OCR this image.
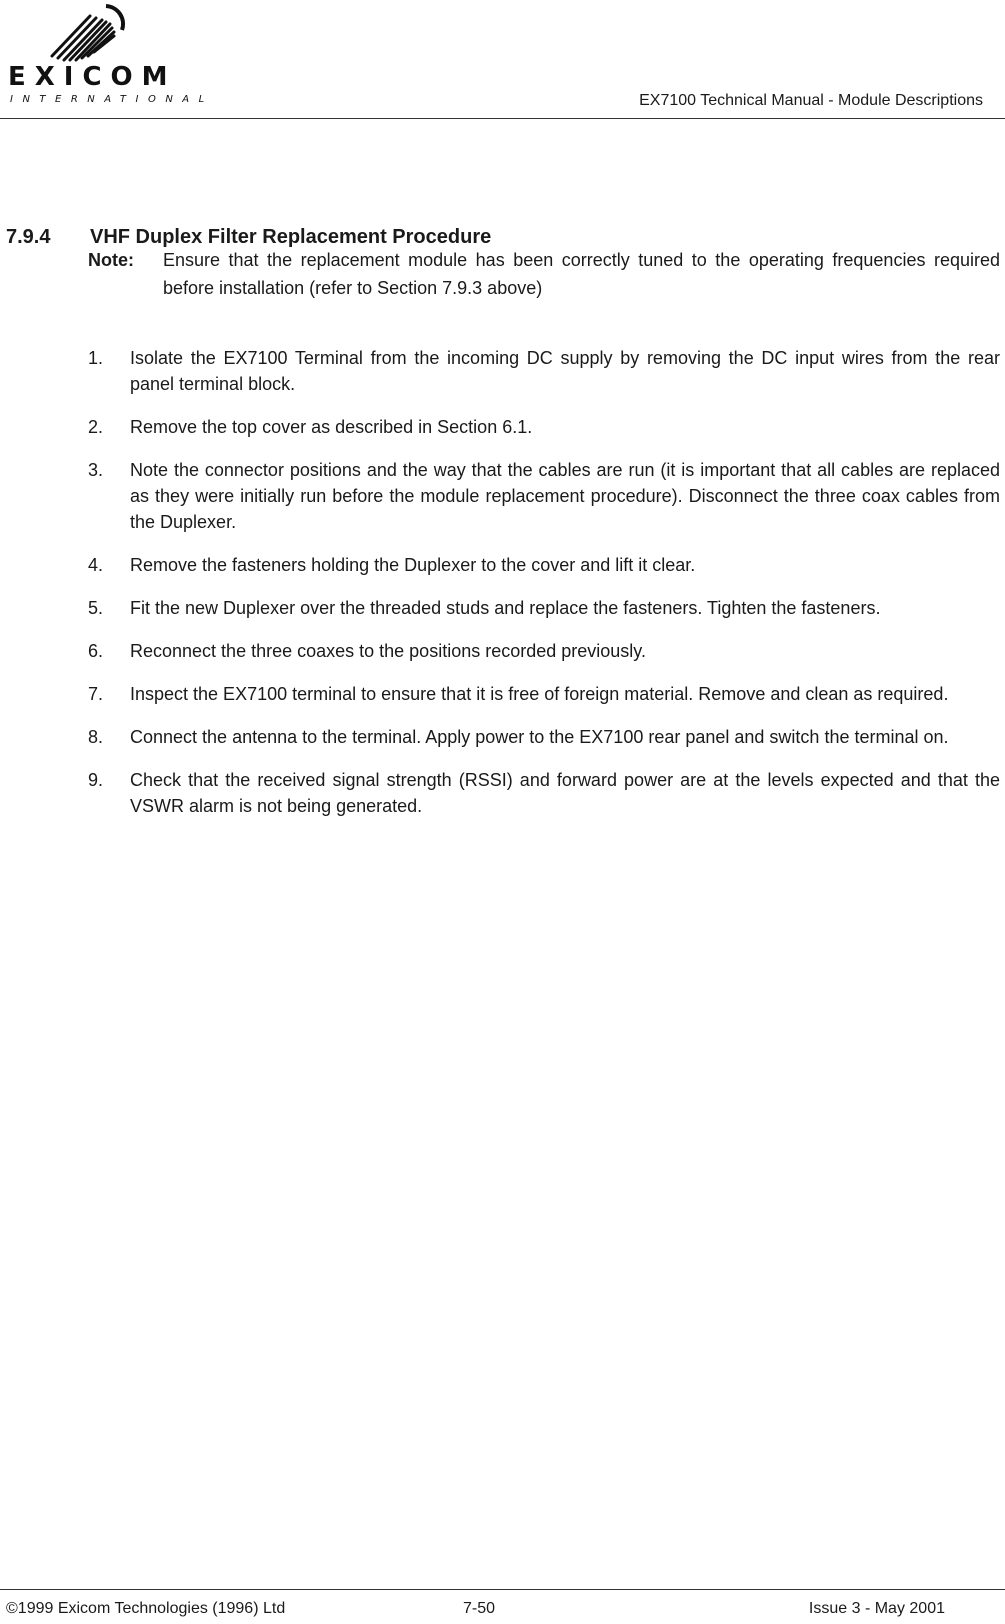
EXICOM
INTERNATIONAL	EX7100 Technical Manual - Module Descriptions
7.9.4 VHF Duplex Filter Replacement Procedure
Note: Ensure that the replacement module has been correctly tuned to the operating frequencies required before installation (refer to Section 7.9.3 above)
1. Isolate the EX7100 Terminal from the incoming DC supply by removing the DC input wires from the rear panel terminal block.
2. Remove the top cover as described in Section 6.1.
3. Note the connector positions and the way that the cables are run (it is important that all cables are replaced as they were initially run before the module replacement procedure). Disconnect the three coax cables from the Duplexer.
4. Remove the fasteners holding the Duplexer to the cover and lift it clear.
5. Fit the new Duplexer over the threaded studs and replace the fasteners. Tighten the fasteners.
6. Reconnect the three coaxes to the positions recorded previously.
7. Inspect the EX7100 terminal to ensure that it is free of foreign material. Remove and clean as required.
8. Connect the antenna to the terminal. Apply power to the EX7100 rear panel and switch the terminal on.
9. Check that the received signal strength (RSSI) and forward power are at the levels expected and that the VSWR alarm is not being generated.
©1999 Exicom Technologies (1996) Ltd	7-50	Issue 3 - May 2001
